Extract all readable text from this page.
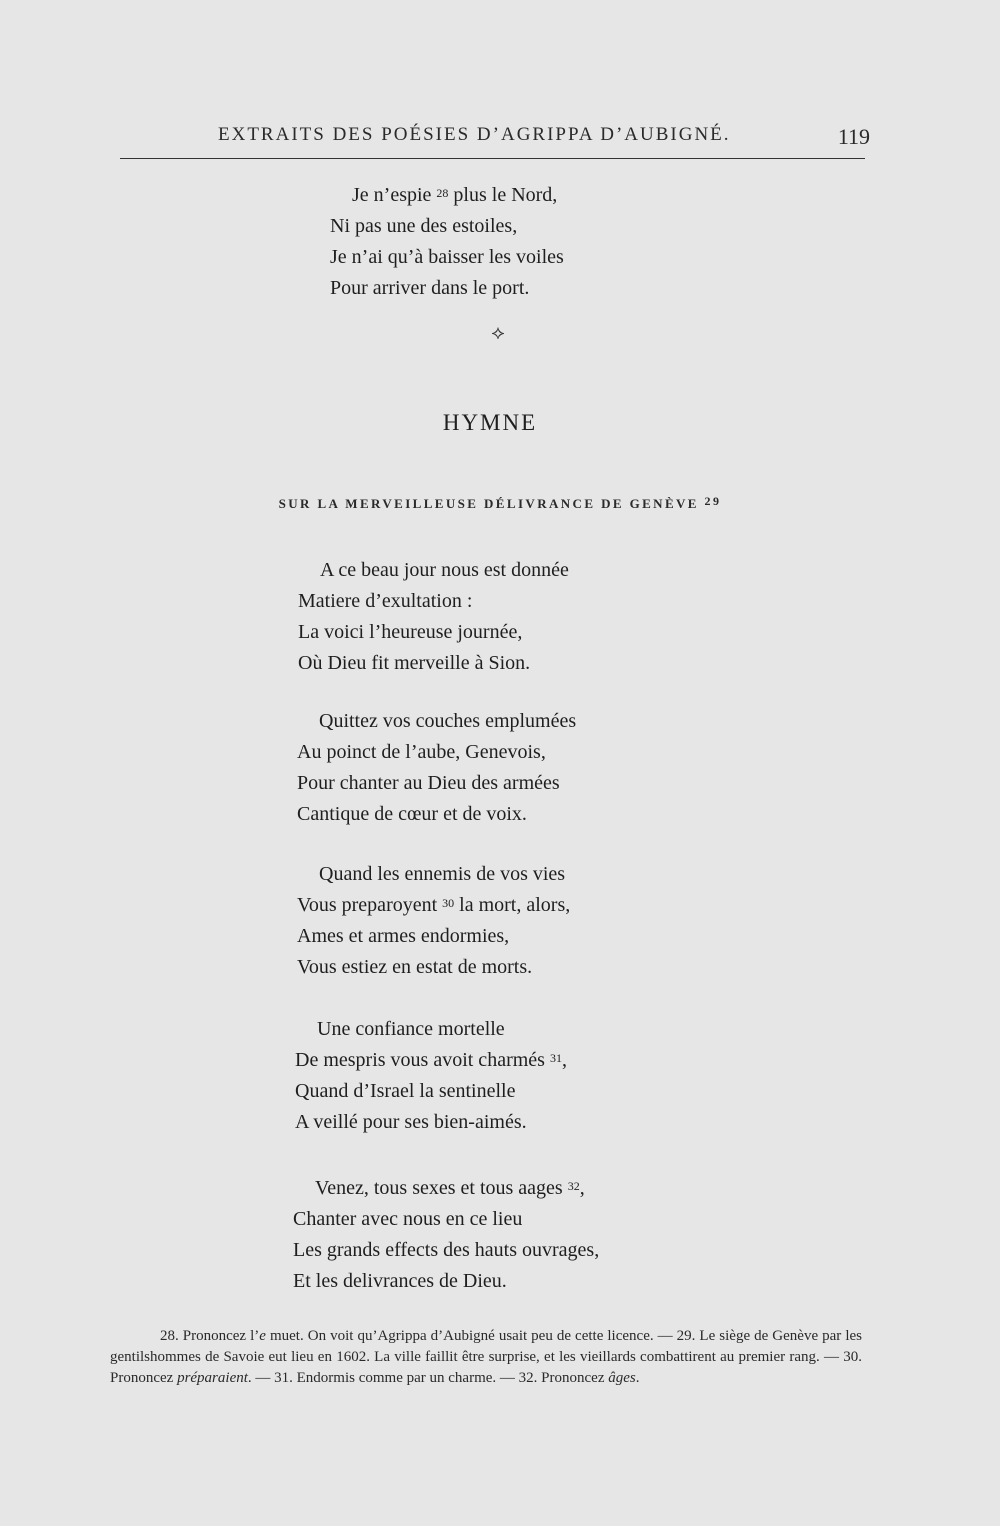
EXTRAITS DES POÉSIES D’AGRIPPA D’AUBIGNÉ.	119
Je n’espie $^{28}$ plus le Nord,
Ni pas une des estoiles,
Je n’ai qu’à baisser les voiles
Pour arriver dans le port.
⟡
HYMNE
SUR LA MERVEILLEUSE DÉLIVRANCE DE GENÈVE $^{29}$
A ce beau jour nous est donnée
Matiere d’exultation :
La voici l’heureuse journée,
Où Dieu fit merveille à Sion.
Quittez vos couches emplumées
Au poinct de l’aube, Genevois,
Pour chanter au Dieu des armées
Cantique de cœur et de voix.
Quand les ennemis de vos vies
Vous preparoyent $^{30}$ la mort, alors,
Ames et armes endormies,
Vous estiez en estat de morts.
Une confiance mortelle
De mespris vous avoit charmés $^{31}$,
Quand d’Israel la sentinelle
A veillé pour ses bien-aimés.
Venez, tous sexes et tous aages $^{32}$,
Chanter avec nous en ce lieu
Les grands effects des hauts ouvrages,
Et les delivrances de Dieu.

28. Prononcez l’e muet. On voit qu’Agrippa d’Aubigné usait peu de cette licence. — 29. Le siège de Genève par les gentilshommes de Savoie eut lieu en 1602. La ville faillit être surprise, et les vieillards combattirent au premier rang. — 30. Prononcez préparaient. — 31. Endormis comme par un charme. — 32. Prononcez âges.
